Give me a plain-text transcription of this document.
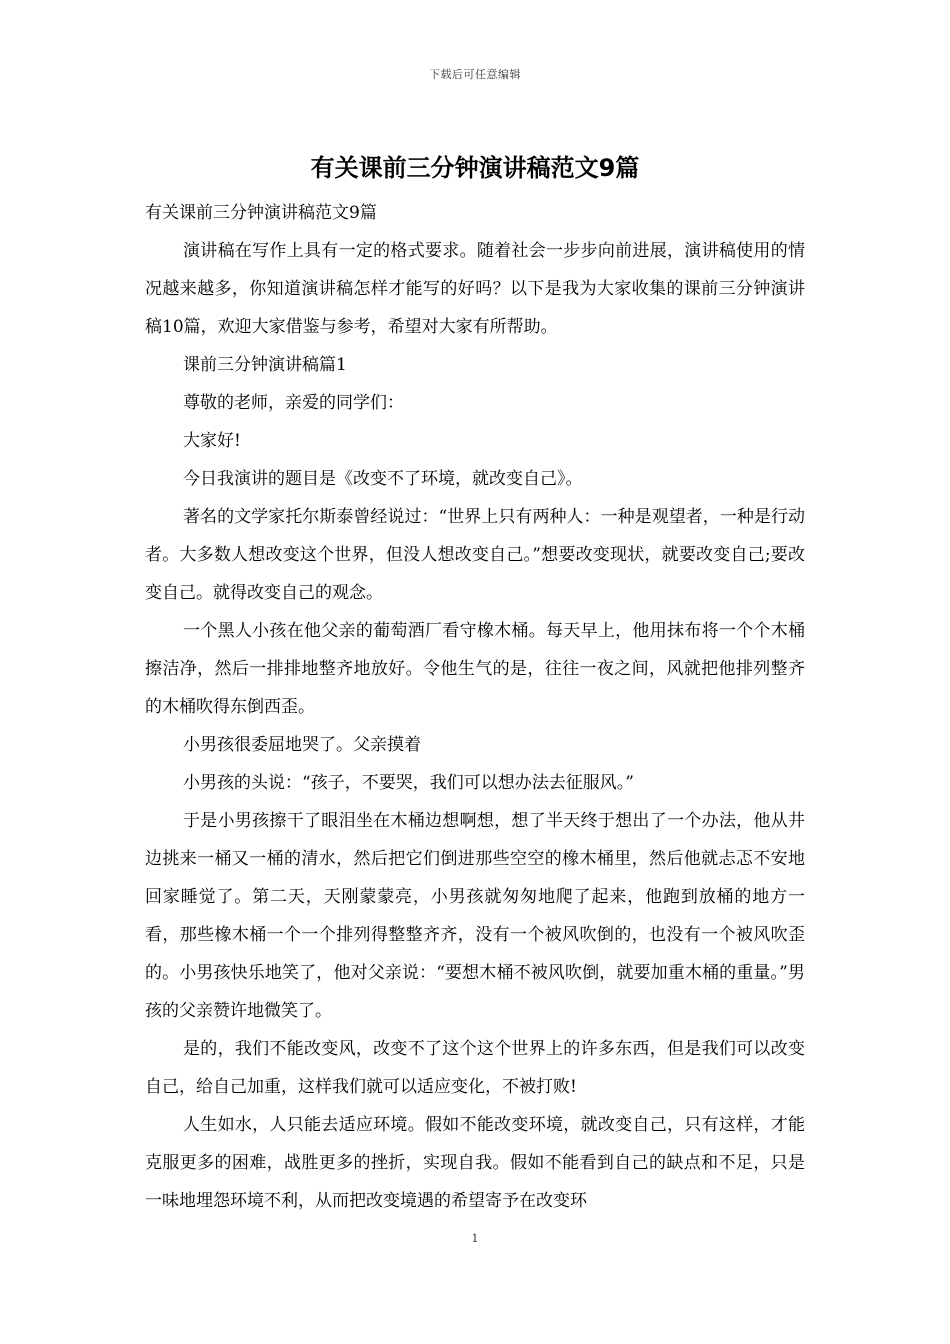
下载后可任意编辑
有关课前三分钟演讲稿范文9篇

有关课前三分钟演讲稿范文9篇

演讲稿在写作上具有一定的格式要求。随着社会一步步向前进展，演讲稿使用的情况越来越多，你知道演讲稿怎样才能写的好吗？以下是我为大家收集的课前三分钟演讲稿10篇，欢迎大家借鉴与参考，希望对大家有所帮助。

课前三分钟演讲稿篇1

尊敬的老师，亲爱的同学们：

大家好!

今日我演讲的题目是《改变不了环境，就改变自己》。

著名的文学家托尔斯泰曾经说过：“世界上只有两种人：一种是观望者，一种是行动者。大多数人想改变这个世界，但没人想改变自己。”想要改变现状，就要改变自己;要改变自己。就得改变自己的观念。

一个黑人小孩在他父亲的葡萄酒厂看守橡木桶。每天早上，他用抹布将一个个木桶擦洁净，然后一排排地整齐地放好。令他生气的是，往往一夜之间，风就把他排列整齐的木桶吹得东倒西歪。

小男孩很委屈地哭了。父亲摸着

小男孩的头说：“孩子，不要哭，我们可以想办法去征服风。”

于是小男孩擦干了眼泪坐在木桶边想啊想，想了半天终于想出了一个办法，他从井边挑来一桶又一桶的清水，然后把它们倒进那些空空的橡木桶里，然后他就忐忑不安地回家睡觉了。第二天，天刚蒙蒙亮，小男孩就匆匆地爬了起来，他跑到放桶的地方一看，那些橡木桶一个一个排列得整整齐齐，没有一个被风吹倒的，也没有一个被风吹歪的。小男孩快乐地笑了，他对父亲说：“要想木桶不被风吹倒，就要加重木桶的重量。”男孩的父亲赞许地微笑了。

是的，我们不能改变风，改变不了这个这个世界上的许多东西，但是我们可以改变自己，给自己加重，这样我们就可以适应变化，不被打败!

人生如水，人只能去适应环境。假如不能改变环境，就改变自己，只有这样，才能克服更多的困难，战胜更多的挫折，实现自我。假如不能看到自己的缺点和不足，只是一味地埋怨环境不利，从而把改变境遇的希望寄予在改变环

1
